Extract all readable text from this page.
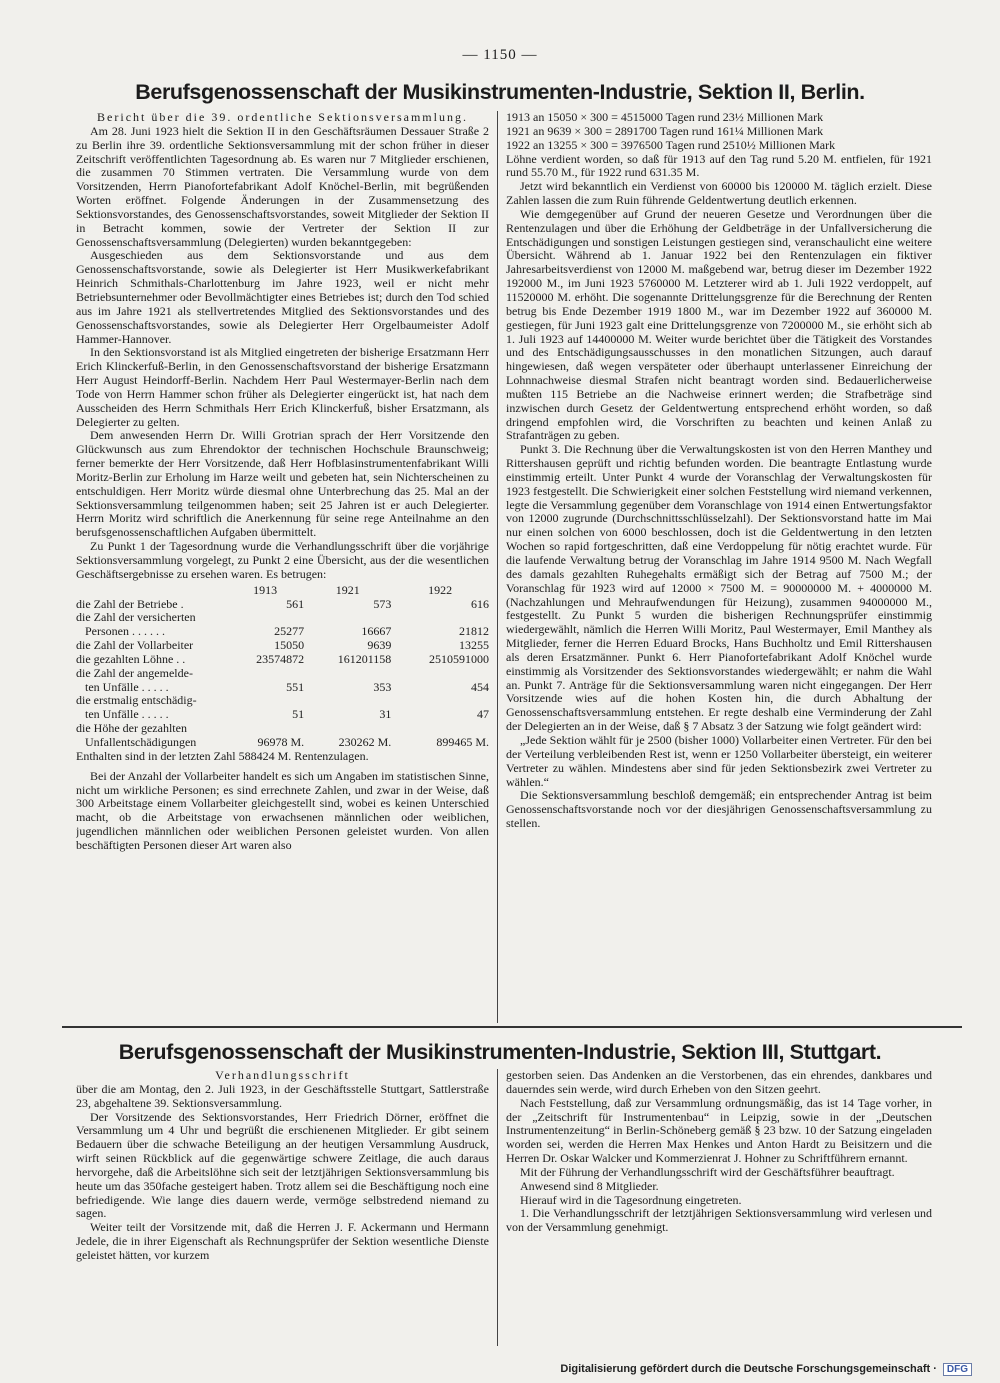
— 1150 —
Berufsgenossenschaft der Musikinstrumenten-Industrie, Sektion II, Berlin.
Bericht über die 39. ordentliche Sektionsversammlung.

Am 28. Juni 1923 hielt die Sektion II in den Geschäftsräumen Dessauer Straße 2 zu Berlin ihre 39. ordentliche Sektionsversammlung mit der schon früher in dieser Zeitschrift veröffentlichten Tagesordnung ab. Es waren nur 7 Mitglieder erschienen, die zusammen 70 Stimmen vertraten. Die Versammlung wurde von dem Vorsitzenden, Herrn Pianofortefabrikant Adolf Knöchel-Berlin, mit begrüßenden Worten eröffnet. Folgende Änderungen in der Zusammensetzung des Sektionsvorstandes, des Genossenschaftsvorstandes, soweit Mitglieder der Sektion II in Betracht kommen, sowie der Vertreter der Sektion II zur Genossenschaftsversammlung (Delegierten) wurden bekanntgegeben:

Ausgeschieden aus dem Sektionsvorstande und aus dem Genossenschaftsvorstande, sowie als Delegierter ist Herr Musikwerkefabrikant Heinrich Schmithals-Charlottenburg im Jahre 1923, weil er nicht mehr Betriebsunternehmer oder Bevollmächtigter eines Betriebes ist; durch den Tod schied aus im Jahre 1921 als stellvertretendes Mitglied des Sektionsvorstandes und des Genossenschaftsvorstandes, sowie als Delegierter Herr Orgelbaumeister Adolf Hammer-Hannover.

In den Sektionsvorstand ist als Mitglied eingetreten der bisherige Ersatzmann Herr Erich Klinckerfuß-Berlin, in den Genossenschaftsvorstand der bisherige Ersatzmann Herr August Heindorff-Berlin. Nachdem Herr Paul Westermayer-Berlin nach dem Tode von Herrn Hammer schon früher als Delegierter eingerückt ist, hat nach dem Ausscheiden des Herrn Schmithals Herr Erich Klinckerfuß, bisher Ersatzmann, als Delegierter zu gelten.

Dem anwesenden Herrn Dr. Willi Grotrian sprach der Herr Vorsitzende den Glückwunsch aus zum Ehrendoktor der technischen Hochschule Braunschweig; ferner bemerkte der Herr Vorsitzende, daß Herr Hofblasinstrumentenfabrikant Willi Moritz-Berlin zur Erholung im Harze weilt und gebeten hat, sein Nichterscheinen zu entschuldigen. Herr Moritz würde diesmal ohne Unterbrechung das 25. Mal an der Sektionsversammlung teilgenommen haben; seit 25 Jahren ist er auch Delegierter. Herrn Moritz wird schriftlich die Anerkennung für seine rege Anteilnahme an den berufsgenossenschaftlichen Aufgaben übermittelt.

Zu Punkt 1 der Tagesordnung wurde die Verhandlungsschrift über die vorjährige Sektionsversammlung vorgelegt, zu Punkt 2 eine Übersicht, aus der die wesentlichen Geschäftsergebnisse zu ersehen waren. Es betrugen:

	1913	1921	1922
die Zahl der Betriebe .	561	573	616
die Zahl der versicherten			
Personen . . . . . .	25277	16667	21812
die Zahl der Vollarbeiter	15050	9639	13255
die gezahlten Löhne . .	23574872	161201158	2510591000
die Zahl der angemelde-			
ten Unfälle . . . . .	551	353	454
die erstmalig entschädig-			
ten Unfälle . . . . .	51	31	47
die Höhe der gezahlten			
Unfallentschädigungen	96978 M.	230262 M.	899465 M.

Enthalten sind in der letzten Zahl 588424 M. Rentenzulagen.

Bei der Anzahl der Vollarbeiter handelt es sich um Angaben im statistischen Sinne, nicht um wirkliche Personen; es sind errechnete Zahlen, und zwar in der Weise, daß 300 Arbeitstage einem Vollarbeiter gleichgestellt sind, wobei es keinen Unterschied macht, ob die Arbeitstage von erwachsenen männlichen oder weiblichen, jugendlichen männlichen oder weiblichen Personen geleistet wurden. Von allen beschäftigten Personen dieser Art waren also

1913 an 15050 × 300 = 4515000 Tagen rund 23½ Millionen Mark

1921 an 9639 × 300 = 2891700 Tagen rund 161¼ Millionen Mark

1922 an 13255 × 300 = 3976500 Tagen rund 2510½ Millionen Mark

Löhne verdient worden, so daß für 1913 auf den Tag rund 5.20 M. entfielen, für 1921 rund 55.70 M., für 1922 rund 631.35 M.

Jetzt wird bekanntlich ein Verdienst von 60000 bis 120000 M. täglich erzielt. Diese Zahlen lassen die zum Ruin führende Geldentwertung deutlich erkennen.

Wie demgegenüber auf Grund der neueren Gesetze und Verordnungen über die Rentenzulagen und über die Erhöhung der Geldbeträge in der Unfallversicherung die Entschädigungen und sonstigen Leistungen gestiegen sind, veranschaulicht eine weitere Übersicht. Während ab 1. Januar 1922 bei den Rentenzulagen ein fiktiver Jahresarbeitsverdienst von 12000 M. maßgebend war, betrug dieser im Dezember 1922 192000 M., im Juni 1923 5760000 M. Letzterer wird ab 1. Juli 1922 verdoppelt, auf 11520000 M. erhöht. Die sogenannte Drittelungsgrenze für die Berechnung der Renten betrug bis Ende Dezember 1919 1800 M., war im Dezember 1922 auf 360000 M. gestiegen, für Juni 1923 galt eine Drittelungsgrenze von 7200000 M., sie erhöht sich ab 1. Juli 1923 auf 14400000 M. Weiter wurde berichtet über die Tätigkeit des Vorstandes und des Entschädigungsausschusses in den monatlichen Sitzungen, auch darauf hingewiesen, daß wegen verspäteter oder überhaupt unterlassener Einreichung der Lohnnachweise diesmal Strafen nicht beantragt worden sind. Bedauerlicherweise mußten 115 Betriebe an die Nachweise erinnert werden; die Strafbeträge sind inzwischen durch Gesetz der Geldentwertung entsprechend erhöht worden, so daß dringend empfohlen wird, die Vorschriften zu beachten und keinen Anlaß zu Strafanträgen zu geben.

Punkt 3. Die Rechnung über die Verwaltungskosten ist von den Herren Manthey und Rittershausen geprüft und richtig befunden worden. Die beantragte Entlastung wurde einstimmig erteilt. Unter Punkt 4 wurde der Voranschlag der Verwaltungskosten für 1923 festgestellt. Die Schwierigkeit einer solchen Feststellung wird niemand verkennen, legte die Versammlung gegenüber dem Voranschlage von 1914 einen Entwertungsfaktor von 12000 zugrunde (Durchschnittsschlüsselzahl). Der Sektionsvorstand hatte im Mai nur einen solchen von 6000 beschlossen, doch ist die Geldentwertung in den letzten Wochen so rapid fortgeschritten, daß eine Verdoppelung für nötig erachtet wurde. Für die laufende Verwaltung betrug der Voranschlag im Jahre 1914 9500 M. Nach Wegfall des damals gezahlten Ruhegehalts ermäßigt sich der Betrag auf 7500 M.; der Voranschlag für 1923 wird auf 12000 × 7500 M. = 90000000 M. + 4000000 M. (Nachzahlungen und Mehraufwendungen für Heizung), zusammen 94000000 M., festgestellt. Zu Punkt 5 wurden die bisherigen Rechnungsprüfer einstimmig wiedergewählt, nämlich die Herren Willi Moritz, Paul Westermayer, Emil Manthey als Mitglieder, ferner die Herren Eduard Brocks, Hans Buchholtz und Emil Rittershausen als deren Ersatzmänner. Punkt 6. Herr Pianofortefabrikant Adolf Knöchel wurde einstimmig als Vorsitzender des Sektionsvorstandes wiedergewählt; er nahm die Wahl an. Punkt 7. Anträge für die Sektionsversammlung waren nicht eingegangen. Der Herr Vorsitzende wies auf die hohen Kosten hin, die durch Abhaltung der Genossenschaftsversammlung entstehen. Er regte deshalb eine Verminderung der Zahl der Delegierten an in der Weise, daß § 7 Absatz 3 der Satzung wie folgt geändert wird:

„Jede Sektion wählt für je 2500 (bisher 1000) Vollarbeiter einen Vertreter. Für den bei der Verteilung verbleibenden Rest ist, wenn er 1250 Vollarbeiter übersteigt, ein weiterer Vertreter zu wählen. Mindestens aber sind für jeden Sektionsbezirk zwei Vertreter zu wählen.“

Die Sektionsversammlung beschloß demgemäß; ein entsprechender Antrag ist beim Genossenschaftsvorstande noch vor der diesjährigen Genossenschaftsversammlung zu stellen.

Berufsgenossenschaft der Musikinstrumenten-Industrie, Sektion III, Stuttgart.
Verhandlungsschrift

über die am Montag, den 2. Juli 1923, in der Geschäftsstelle Stuttgart, Sattlerstraße 23, abgehaltene 39. Sektionsversammlung.

Der Vorsitzende des Sektionsvorstandes, Herr Friedrich Dörner, eröffnet die Versammlung um 4 Uhr und begrüßt die erschienenen Mitglieder. Er gibt seinem Bedauern über die schwache Beteiligung an der heutigen Versammlung Ausdruck, wirft seinen Rückblick auf die gegenwärtige schwere Zeitlage, die auch daraus hervorgehe, daß die Arbeitslöhne sich seit der letztjährigen Sektionsversammlung bis heute um das 350fache gesteigert haben. Trotz allem sei die Beschäftigung noch eine befriedigende. Wie lange dies dauern werde, vermöge selbstredend niemand zu sagen.

Weiter teilt der Vorsitzende mit, daß die Herren J. F. Ackermann und Hermann Jedele, die in ihrer Eigenschaft als Rechnungsprüfer der Sektion wesentliche Dienste geleistet hätten, vor kurzem

gestorben seien. Das Andenken an die Verstorbenen, das ein ehrendes, dankbares und dauerndes sein werde, wird durch Erheben von den Sitzen geehrt.

Nach Feststellung, daß zur Versammlung ordnungsmäßig, das ist 14 Tage vorher, in der „Zeitschrift für Instrumentenbau“ in Leipzig, sowie in der „Deutschen Instrumentenzeitung“ in Berlin-Schöneberg gemäß § 23 bzw. 10 der Satzung eingeladen worden sei, werden die Herren Max Henkes und Anton Hardt zu Beisitzern und die Herren Dr. Oskar Walcker und Kommerzienrat J. Hohner zu Schriftführern ernannt.

Mit der Führung der Verhandlungsschrift wird der Geschäftsführer beauftragt.

Anwesend sind 8 Mitglieder.

Hierauf wird in die Tagesordnung eingetreten.

1. Die Verhandlungsschrift der letztjährigen Sektionsversammlung wird verlesen und von der Versammlung genehmigt.

Digitalisierung gefördert durch die Deutsche Forschungsgemeinschaft · DFG
